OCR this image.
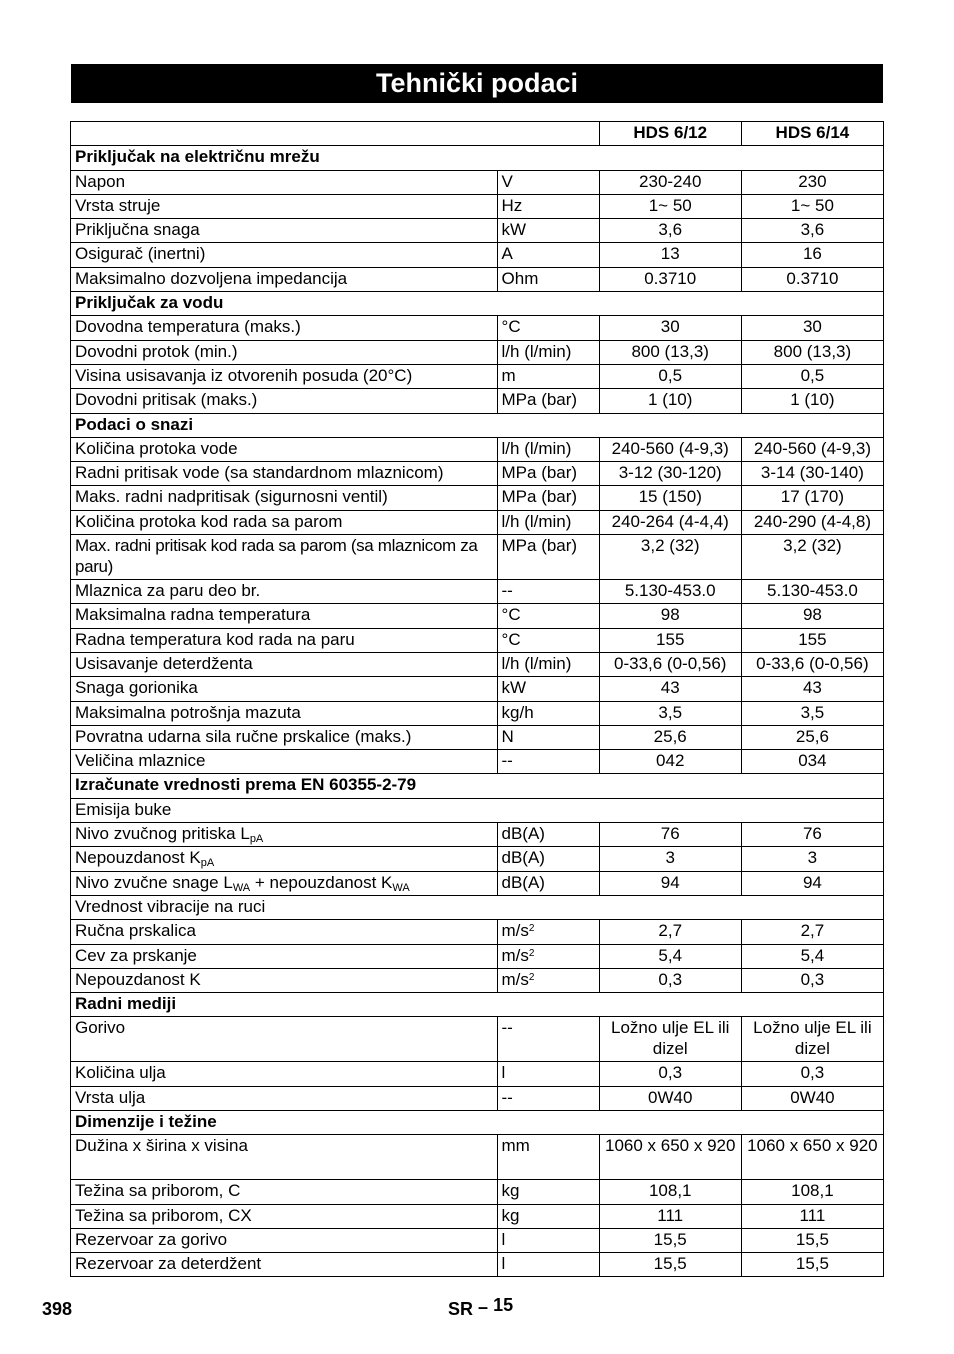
Tehnički podaci
		HDS 6/12	HDS 6/14
Priključak na električnu mrežu			
Napon	V	230-240	230
Vrsta struje	Hz	1~ 50	1~ 50
Priključna snaga	kW	3,6	3,6
Osigurač (inertni)	A	13	16
Maksimalno dozvoljena impedancija	Ohm	0.3710	0.3710
Priključak za vodu			
Dovodna temperatura (maks.)	°C	30	30
Dovodni protok (min.)	l/h (l/min)	800 (13,3)	800 (13,3)
Visina usisavanja iz otvorenih posuda (20°C)	m	0,5	0,5
Dovodni pritisak (maks.)	MPa (bar)	1 (10)	1 (10)
Podaci o snazi			
Količina protoka vode	l/h (l/min)	240-560 (4-9,3)	240-560 (4-9,3)
Radni pritisak vode (sa standardnom mlaznicom)	MPa (bar)	3-12 (30-120)	3-14 (30-140)
Maks. radni nadpritisak (sigurnosni ventil)	MPa (bar)	15 (150)	17 (170)
Količina protoka kod rada sa parom	l/h (l/min)	240-264 (4-4,4)	240-290 (4-4,8)
Max. radni pritisak kod rada sa parom (sa mlaznicom za paru)	MPa (bar)	3,2 (32)	3,2 (32)
Mlaznica za paru deo br.	--	5.130-453.0	5.130-453.0
Maksimalna radna temperatura	°C	98	98
Radna temperatura kod rada na paru	°C	155	155
Usisavanje deterdženta	l/h (l/min)	0-33,6 (0-0,56)	0-33,6 (0-0,56)
Snaga gorionika	kW	43	43
Maksimalna potrošnja mazuta	kg/h	3,5	3,5
Povratna udarna sila ručne prskalice (maks.)	N	25,6	25,6
Veličina mlaznice	--	042	034
Izračunate vrednosti prema EN 60355-2-79			
Emisija buke			
Nivo zvučnog pritiska $L_{pA}$	dB(A)	76	76
Nepouzdanost $K_{pA}$	dB(A)	3	3
Nivo zvučne snage $L_{WA}$ + nepouzdanost $K_{WA}$	dB(A)	94	94
Vrednost vibracije na ruci			
Ručna prskalica	$m/s^2$	2,7	2,7
Cev za prskanje	$m/s^2$	5,4	5,4
Nepouzdanost K	$m/s^2$	0,3	0,3
Radni mediji			
Gorivo	--	Ložno ulje EL ili dizel	Ložno ulje EL ili dizel
Količina ulja	l	0,3	0,3
Vrsta ulja	--	0W40	0W40
Dimenzije i težine			
Dužina x širina x visina	mm	1060 x 650 x 920	1060 x 650 x 920
Težina sa priborom, C	kg	108,1	108,1
Težina sa priborom, CX	kg	111	111
Rezervoar za gorivo	l	15,5	15,5
Rezervoar za deterdžent	l	15,5	15,5
398	SR – 15
